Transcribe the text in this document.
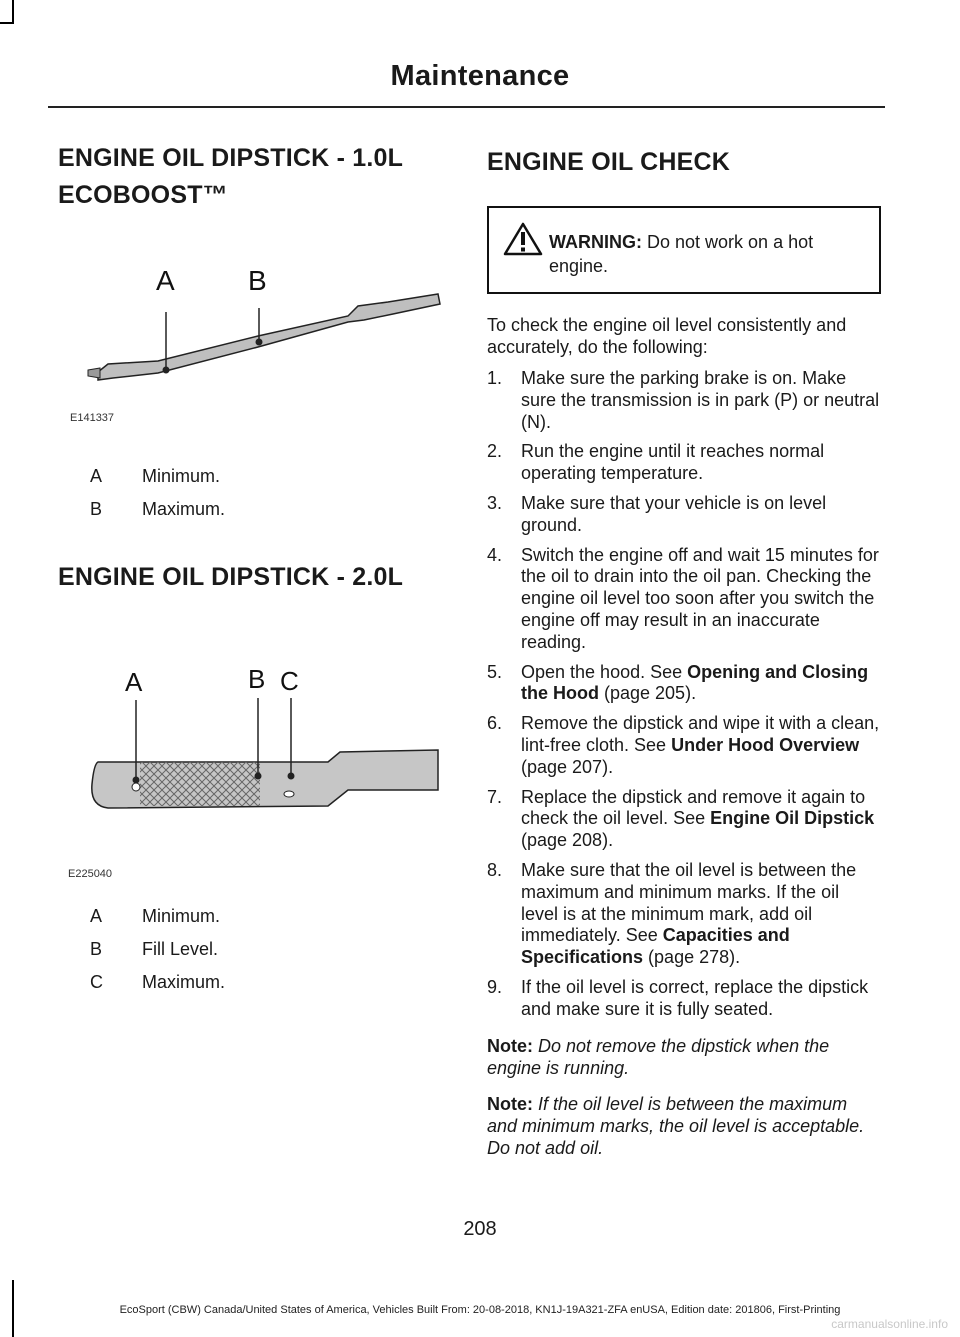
Maintenance
ENGINE OIL DIPSTICK - 1.0L
ECOBOOST™
A	B
E141337
A	Minimum.
B	Maximum.
ENGINE OIL DIPSTICK - 2.0L
A	B C
E225040
A	Minimum.
B	Fill Level.
C	Maximum.
ENGINE OIL CHECK
WARNING: Do not work on a hot engine.

To check the engine oil level consistently and accurately, do the following:

1.	Make sure the parking brake is on. Make sure the transmission is in park (P) or neutral (N).
2.	Run the engine until it reaches normal operating temperature.
3.	Make sure that your vehicle is on level ground.
4.	Switch the engine off and wait 15 minutes for the oil to drain into the oil pan. Checking the engine oil level too soon after you switch the engine off may result in an inaccurate reading.
5.	Open the hood. See Opening and Closing the Hood (page 205).
6.	Remove the dipstick and wipe it with a clean, lint-free cloth. See Under Hood Overview (page 207).
7.	Replace the dipstick and remove it again to check the oil level. See Engine Oil Dipstick (page 208).
8.	Make sure that the oil level is between the maximum and minimum marks. If the oil level is at the minimum mark, add oil immediately. See Capacities and Specifications (page 278).
9.	If the oil level is correct, replace the dipstick and make sure it is fully seated.
Note: Do not remove the dipstick when the engine is running.
Note: If the oil level is between the maximum and minimum marks, the oil level is acceptable. Do not add oil.
208
EcoSport (CBW) Canada/United States of America, Vehicles Built From: 20-08-2018, KN1J-19A321-ZFA enUSA, Edition date: 201806, First-Printing
carmanualsonline.info
